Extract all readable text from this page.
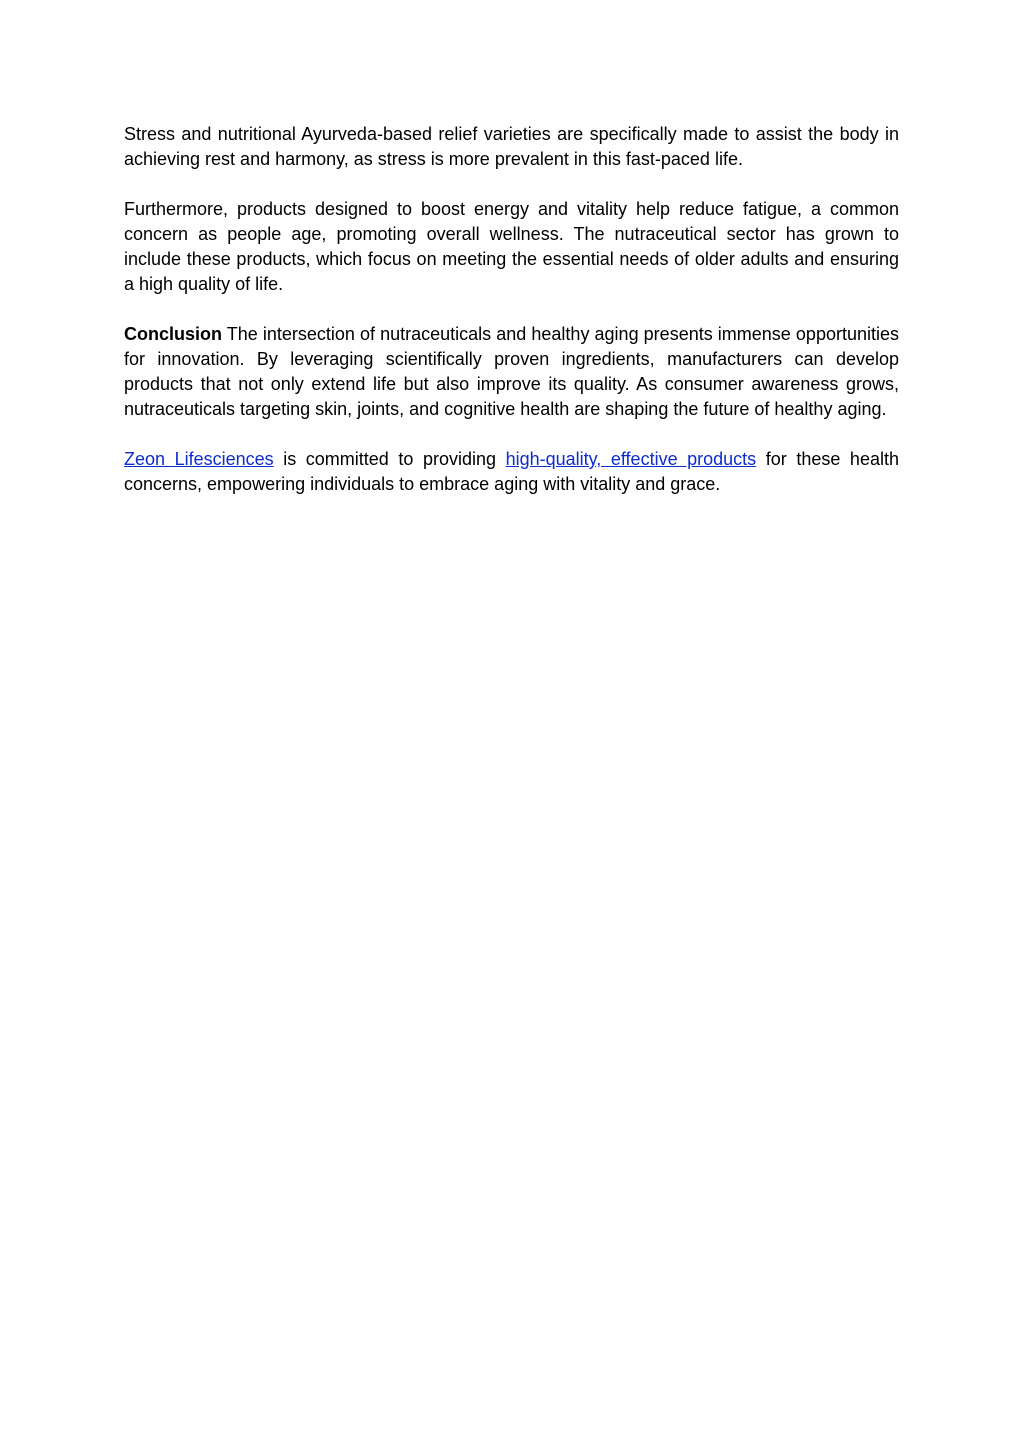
Stress and nutritional Ayurveda-based relief varieties are specifically made to assist the body in achieving rest and harmony, as stress is more prevalent in this fast-paced life.

Furthermore, products designed to boost energy and vitality help reduce fatigue, a common concern as people age, promoting overall wellness. The nutraceutical sector has grown to include these products, which focus on meeting the essential needs of older adults and ensuring a high quality of life.

Conclusion The intersection of nutraceuticals and healthy aging presents immense opportunities for innovation. By leveraging scientifically proven ingredients, manufacturers can develop products that not only extend life but also improve its quality. As consumer awareness grows, nutraceuticals targeting skin, joints, and cognitive health are shaping the future of healthy aging.

Zeon Lifesciences is committed to providing high-quality, effective products for these health concerns, empowering individuals to embrace aging with vitality and grace.
